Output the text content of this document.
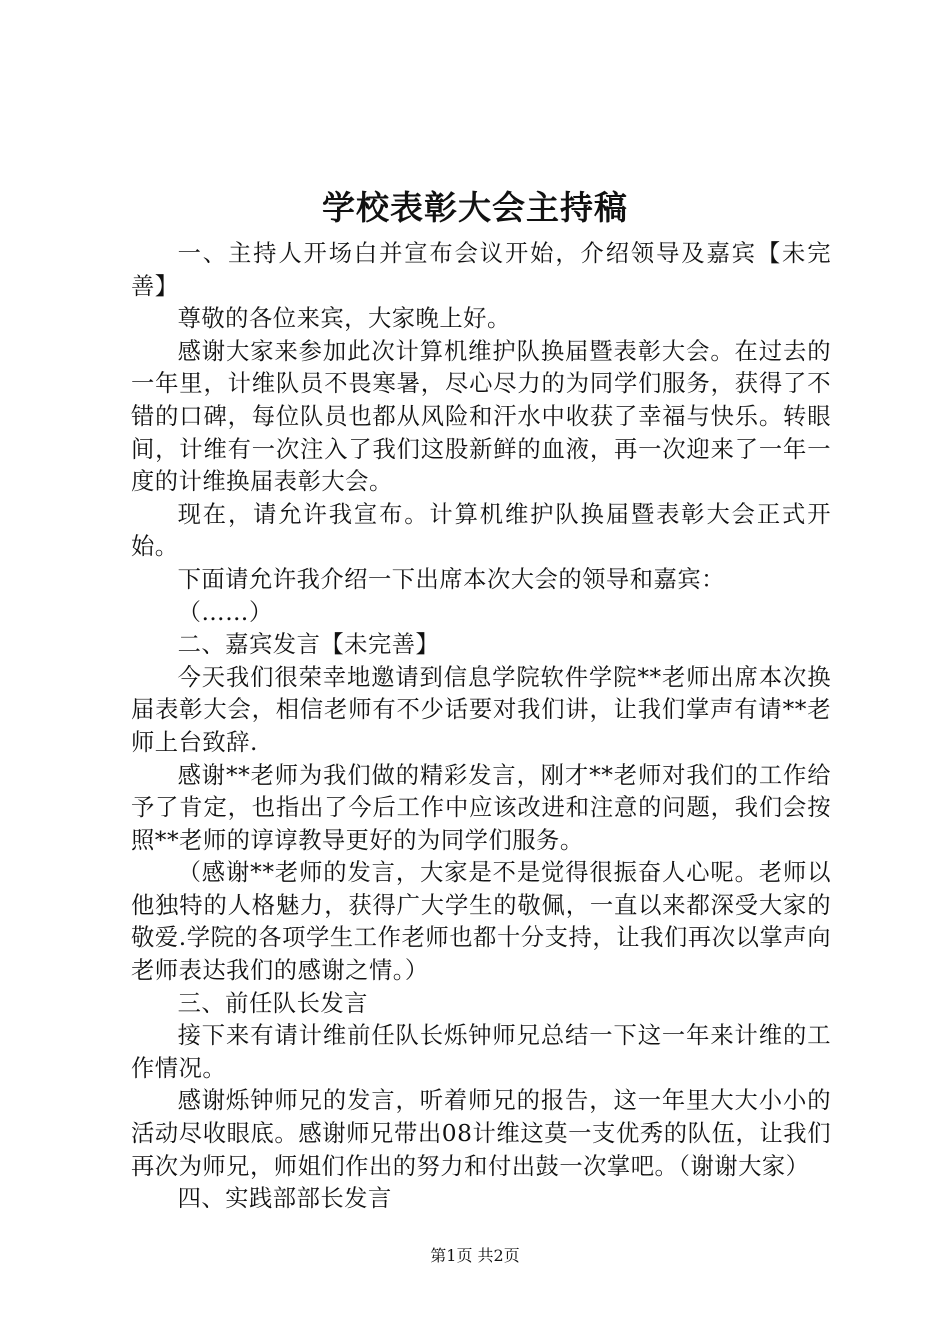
学校表彰大会主持稿

一、主持人开场白并宣布会议开始，介绍领导及嘉宾【未完善】

尊敬的各位来宾，大家晚上好。

感谢大家来参加此次计算机维护队换届暨表彰大会。在过去的一年里，计维队员不畏寒暑，尽心尽力的为同学们服务，获得了不错的口碑，每位队员也都从风险和汗水中收获了幸福与快乐。转眼间，计维有一次注入了我们这股新鲜的血液，再一次迎来了一年一度的计维换届表彰大会。

现在，请允许我宣布。计算机维护队换届暨表彰大会正式开始。

下面请允许我介绍一下出席本次大会的领导和嘉宾：

（……）

二、嘉宾发言【未完善】

今天我们很荣幸地邀请到信息学院软件学院**老师出席本次换届表彰大会，相信老师有不少话要对我们讲，让我们掌声有请**老师上台致辞.

感谢**老师为我们做的精彩发言，刚才**老师对我们的工作给予了肯定，也指出了今后工作中应该改进和注意的问题，我们会按照**老师的谆谆教导更好的为同学们服务。

（感谢**老师的发言，大家是不是觉得很振奋人心呢。老师以他独特的人格魅力，获得广大学生的敬佩，一直以来都深受大家的敬爱.学院的各项学生工作老师也都十分支持，让我们再次以掌声向老师表达我们的感谢之情。）

三、前任队长发言

接下来有请计维前任队长烁钟师兄总结一下这一年来计维的工作情况。

感谢烁钟师兄的发言，听着师兄的报告，这一年里大大小小的活动尽收眼底。感谢师兄带出08计维这莫一支优秀的队伍，让我们再次为师兄，师姐们作出的努力和付出鼓一次掌吧。（谢谢大家）

四、实践部部长发言

第1页 共2页
